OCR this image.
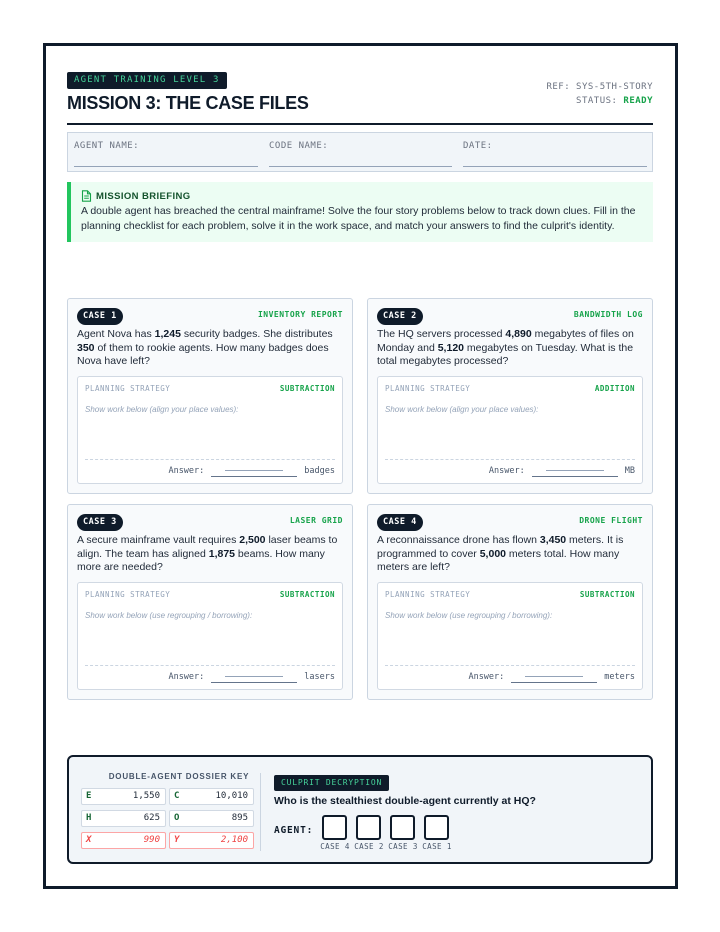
AGENT TRAINING LEVEL 3
MISSION 3: THE CASE FILES
REF: SYS-5TH-STORY
STATUS: READY
AGENT NAME:	CODE NAME:	DATE:
MISSION BRIEFING
A double agent has breached the central mainframe! Solve the four story problems below to track down clues. Fill in the planning checklist for each problem, solve it in the work space, and match your answers to find the culprit's identity.
CASE 1	INVENTORY REPORT
Agent Nova has 1,245 security badges. She distributes 350 of them to rookie agents. How many badges does Nova have left?
PLANNING STRATEGY	SUBTRACTION
Show work below (align your place values):
Answer:	badges
CASE 2	BANDWIDTH LOG
The HQ servers processed 4,890 megabytes of files on Monday and 5,120 megabytes on Tuesday. What is the total megabytes processed?
PLANNING STRATEGY	ADDITION
Show work below (align your place values):
Answer:	MB
CASE 3	LASER GRID
A secure mainframe vault requires 2,500 laser beams to align. The team has aligned 1,875 beams. How many more are needed?
PLANNING STRATEGY	SUBTRACTION
Show work below (use regrouping / borrowing):
Answer:	lasers
CASE 4	DRONE FLIGHT
A reconnaissance drone has flown 3,450 meters. It is programmed to cover 5,000 meters total. How many meters are left?
PLANNING STRATEGY	SUBTRACTION
Show work below (use regrouping / borrowing):
Answer:	meters
DOUBLE-AGENT DOSSIER KEY
E	1,550 C	10,010
H	625 O	895
X	990 Y	2,100
CULPRIT DECRYPTION
Who is the stealthiest double-agent currently at HQ?
AGENT:
CASE 4 CASE 2 CASE 3 CASE 1
